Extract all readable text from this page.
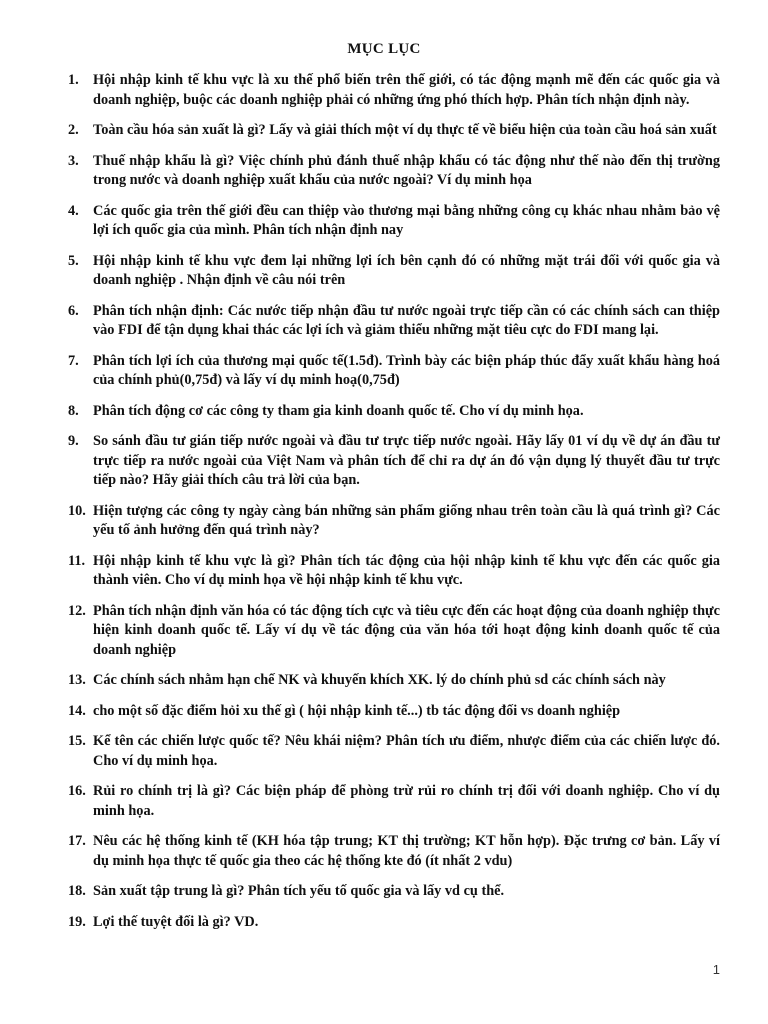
MỤC LỤC
1. Hội nhập kinh tế khu vực là xu thế phổ biến trên thế giới, có tác động mạnh mẽ đến các quốc gia và doanh nghiệp, buộc các doanh nghiệp phải có những ứng phó thích hợp. Phân tích nhận định này.
2. Toàn cầu hóa sản xuất là gì? Lấy và giải thích một ví dụ thực tế về biểu hiện của toàn cầu hoá sản xuất
3. Thuế nhập khẩu là gì? Việc chính phủ đánh thuế nhập khẩu có tác động như thế nào đến thị trường trong nước và doanh nghiệp xuất khẩu của nước ngoài? Ví dụ minh họa
4. Các quốc gia trên thế giới đều can thiệp vào thương mại bằng những công cụ khác nhau nhằm bảo vệ lợi ích quốc gia của mình. Phân tích nhận định nay
5. Hội nhập kinh tế khu vực đem lại những lợi ích bên cạnh đó có những mặt trái đối với quốc gia và doanh nghiệp . Nhận định về câu nói trên
6. Phân tích nhận định: Các nước tiếp nhận đầu tư nước ngoài trực tiếp cần có các chính sách can thiệp vào FDI để tận dụng khai thác các lợi ích và giảm thiểu những mặt tiêu cực do FDI mang lại.
7. Phân tích lợi ích của thương mại quốc tế(1.5đ). Trình bày các biện pháp thúc đẩy xuất khẩu hàng hoá của chính phủ(0,75đ) và lấy ví dụ minh hoạ(0,75đ)
8. Phân tích động cơ các công ty tham gia kinh doanh quốc tế. Cho ví dụ minh họa.
9. So sánh đầu tư gián tiếp nước ngoài và đầu tư trực tiếp nước ngoài. Hãy lấy 01 ví dụ về dự án đầu tư trực tiếp ra nước ngoài của Việt Nam và phân tích để chỉ ra dự án đó vận dụng lý thuyết đầu tư trực tiếp nào? Hãy giải thích câu trả lời của bạn.
10. Hiện tượng các công ty ngày càng bán những sản phẩm giống nhau trên toàn cầu là quá trình gì? Các yếu tố ảnh hưởng đến quá trình này?
11. Hội nhập kinh tế khu vực là gì? Phân tích tác động của hội nhập kinh tế khu vực đến các quốc gia thành viên. Cho ví dụ minh họa về hội nhập kinh tế khu vực.
12. Phân tích nhận định văn hóa có tác động tích cực và tiêu cực đến các hoạt động của doanh nghiệp thực hiện kinh doanh quốc tế. Lấy ví dụ về tác động của văn hóa tới hoạt động kinh doanh quốc tế của doanh nghiệp
13. Các chính sách nhằm hạn chế NK và khuyến khích XK. lý do chính phủ sd các chính sách này
14. cho một số đặc điểm hỏi xu thế gì ( hội nhập kinh tế...) tb tác động đối vs doanh nghiệp
15. Kể tên các chiến lược quốc tế? Nêu khái niệm? Phân tích ưu điểm, nhược điểm của các chiến lược đó. Cho ví dụ minh họa.
16. Rủi ro chính trị là gì? Các biện pháp để phòng trừ rủi ro chính trị đối với doanh nghiệp. Cho ví dụ minh họa.
17. Nêu các hệ thống kinh tế (KH hóa tập trung; KT thị trường; KT hỗn hợp). Đặc trưng cơ bản. Lấy ví dụ minh họa thực tế quốc gia theo các hệ thống kte đó (ít nhất 2 vdu)
18. Sản xuất tập trung là gì? Phân tích yếu tố quốc gia và lấy vd cụ thể.
19. Lợi thế tuyệt đối là gì? VD.
1
